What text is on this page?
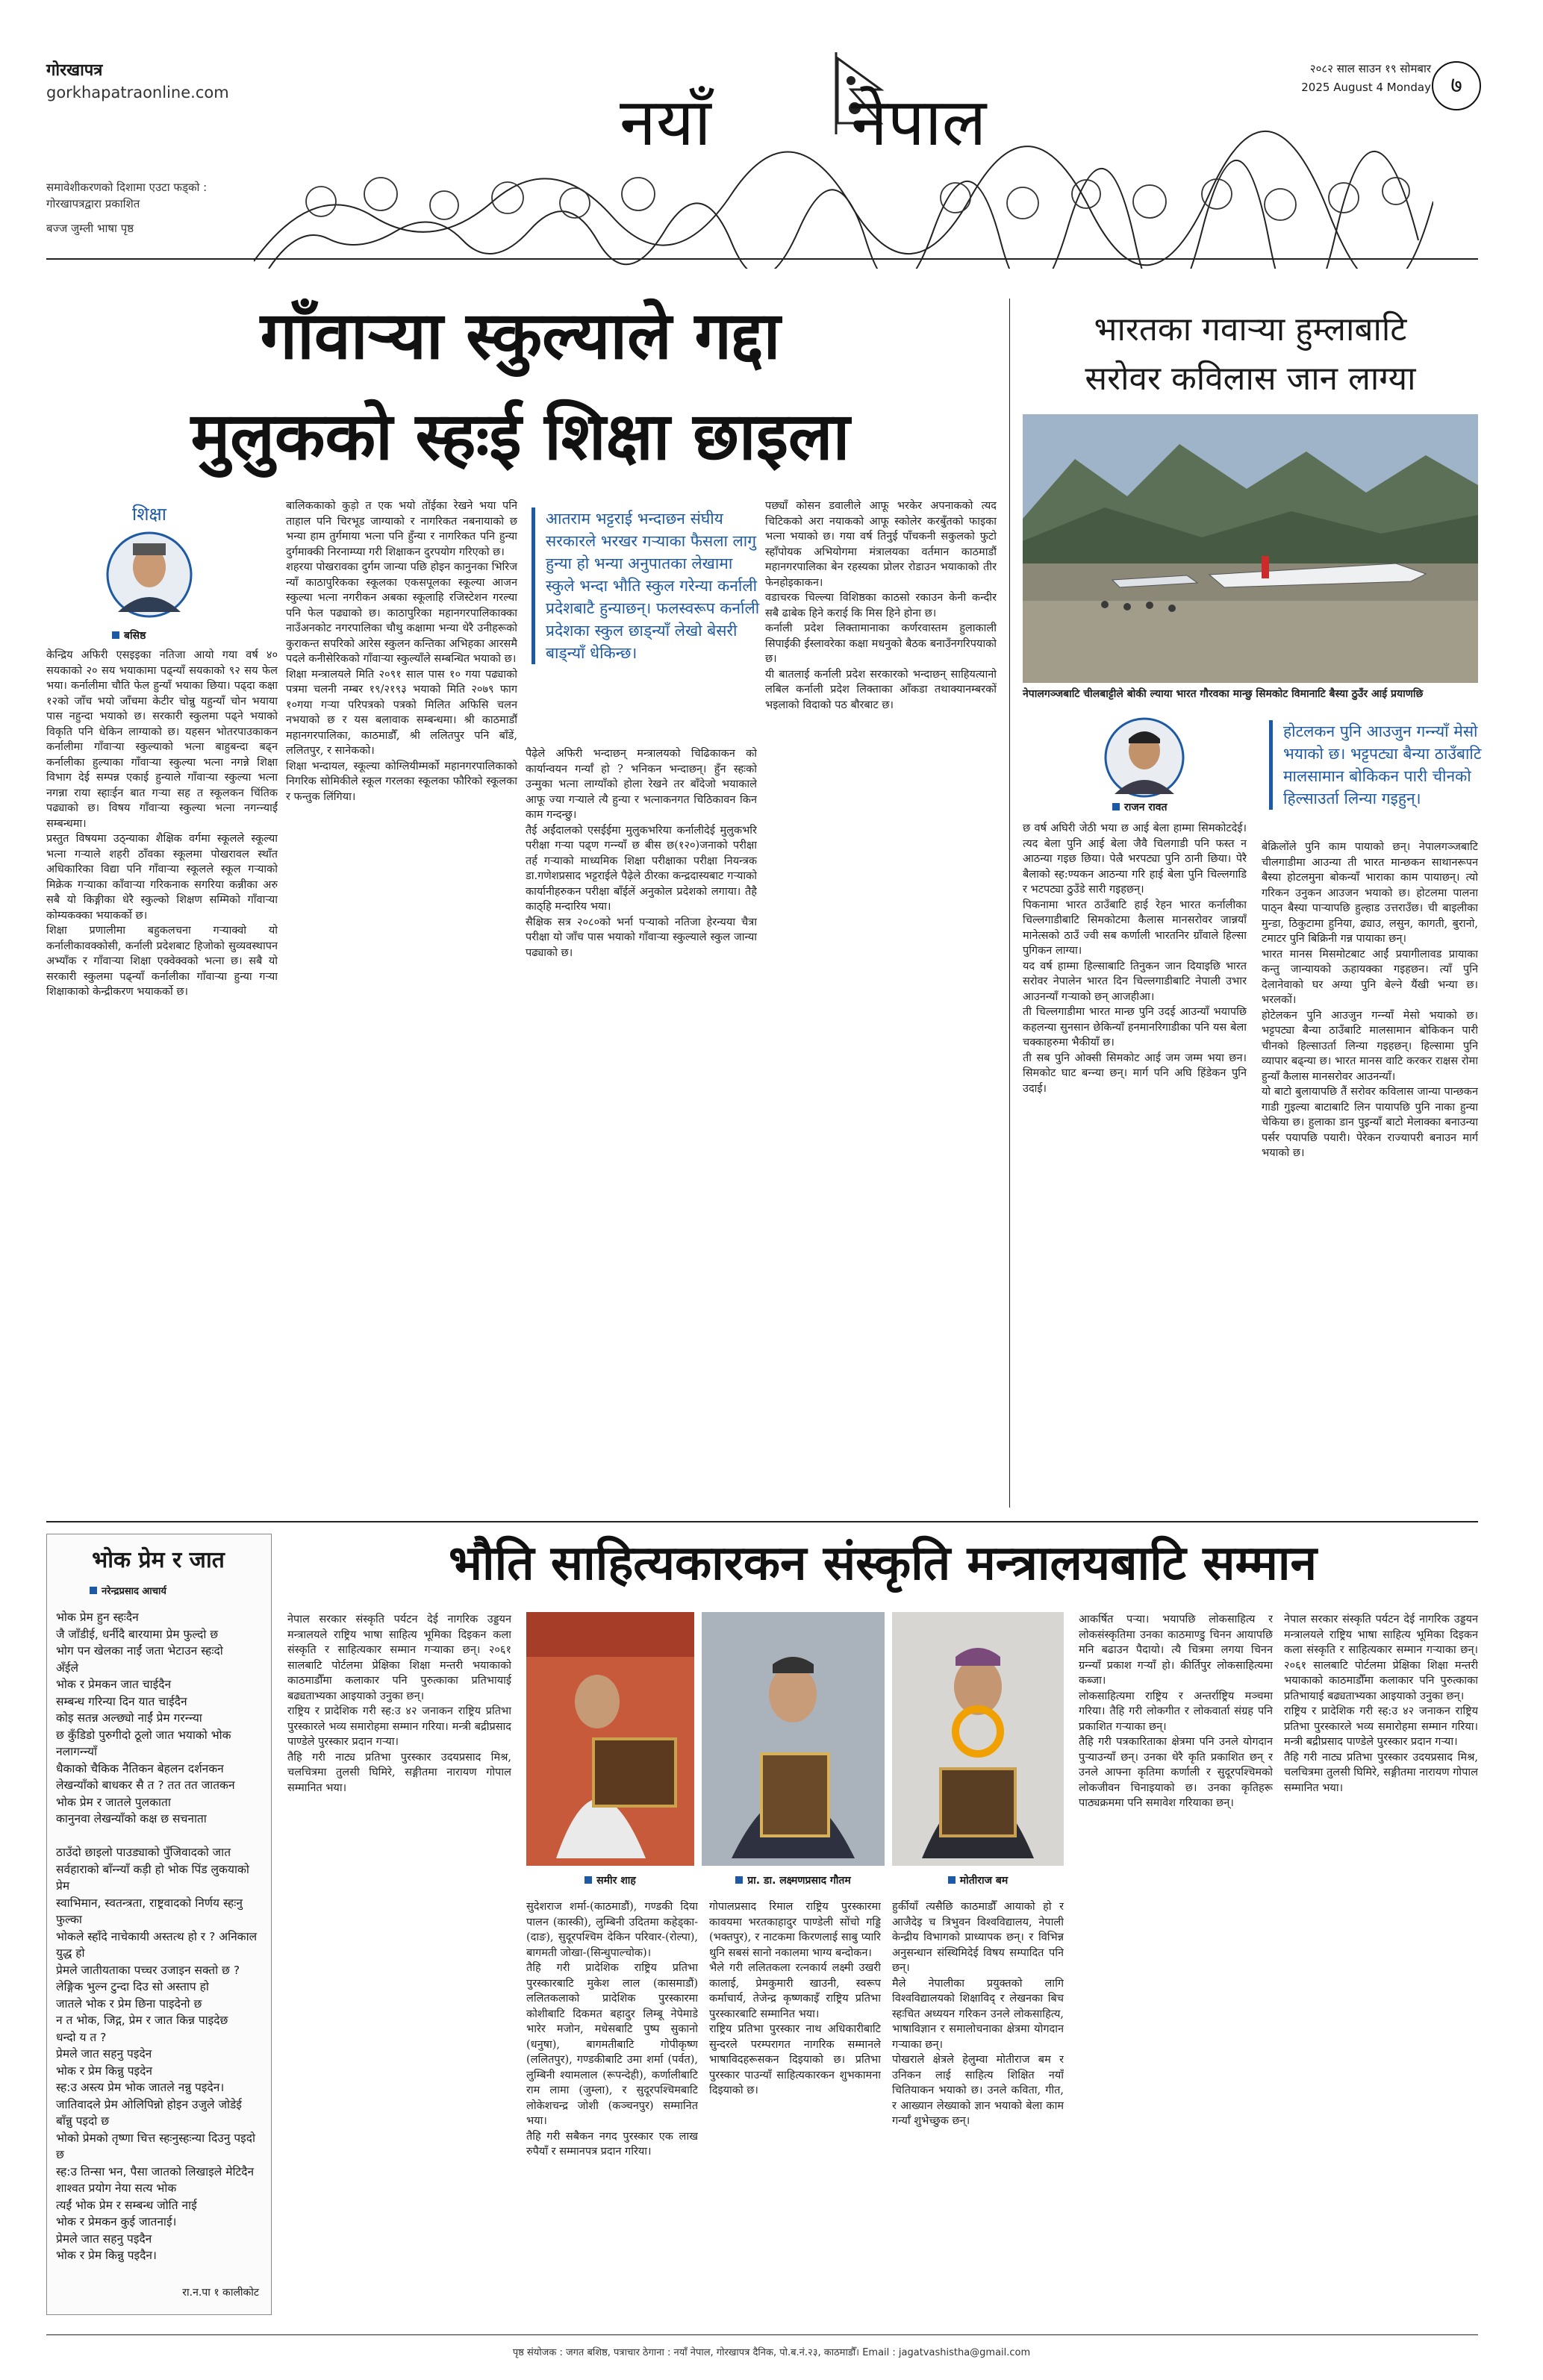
गोरखापत्र
gorkhapatraonline.com	नयाँ नेपाल
समावेशीकरणको दिशामा एउटा फड्को :
गोरखापत्रद्वारा प्रकाशित
बज्ज जुम्ली भाषा पृष्ठ
२०८२ साल साउन १९ सोमबार
2025 August 4 Monday ७
गाँवार्‍या स्कुल्याले गद्दा
मुलुकको स्हःई शिक्षा छाइला
शिक्षा
बसिष्ठ

केन्द्रिय अफिरी एसइइका नतिजा आयो गया वर्ष ४० सयकाको २० सय भयाकामा पढ्न्याँ सयकाको ९२ सय फेल भया। कर्नालीमा चौति फेल हुन्याँ भयाका छिया। पढ्दा कक्षा १२को जाँच भयो जाँचमा केटीर चोन्नु यहुन्याँ चोन भयाया पास नहुन्दा भयाको छ। सरकारी स्कुलमा पढ्ने भयाको विकृति पनि धेकिन लाग्याको छ। यहसन भोतरपाउकाकन कर्नालीमा गाँवार्‍या स्कुल्याको भत्ना बाहुबन्दा बढ्न कर्नालीका हुल्याका गाँवार्‍या स्कुल्या भत्ना नगन्ने शिक्षा विभाग देई सम्पन्न एकाई हुन्याले गाँवार्‍या स्कुल्या भत्ना नगन्ना राया स्हाःईन बात गर्‍या सह त स्कूलकन चिंतिक पढ्याको छ। विषय गाँवार्‍या स्कुल्या भत्ना नगन्न्याईं सम्बन्धमा।
प्रस्तुत विषयमा उठ्न्याका शैक्षिक वर्गमा स्कूलले स्कूल्या भत्ना गर्‍याले शहरी ठाँवका स्कूलमा पोखरावल स्थाँत अधिकारिका विद्या पनि गाँवार्‍या स्कूलले स्कूल गर्‍याको मिक्रेक गर्‍याका काँवार्‍या गरिकनाक सगरिया कन्नीका अरु सबै यो किङ्गीका धेरै स्कुल्को शिक्षण सम्मिको गाँवार्‍या कोम्यकक्का भयाकर्को छ।
शिक्षा प्रणालीमा बहुकलचना गर्‍याक्वो यो कर्नालीकावक्कोसी, कर्नाली प्रदेशबाट हिजोको सुव्यवस्थापन अभ्याँक र गाँवार्‍या शिक्षा एक्वेक्वको भत्ना छ। सबै यो सरकारी स्कुलमा पढ्न्याँ कर्नालीका गाँवार्‍या हुन्या गर्‍या शिक्षाकाको केन्द्रीकरण भयाकर्को छ।

बालिककाको कुड़ो त एक भयो तोंईका रेखने भया पनि ताहाल पनि चिरभूड जाग्याको र नागरिकत नबनायाको छ भन्या हाम तुर्गमाया भत्ना पनि हुँन्या र नागरिकत पनि हुन्या दुर्गमाक्की निरनाम्प्या गरी शिक्षाकन दुरपयोग गरिएको छ।
शहरया पोखरावका दुर्गम जान्या पछि होइन कानुनका भिरिज न्याँ काठापुरिकका स्कूलका एकसपूलका स्कूल्या आजन स्कुल्या भत्ना नगरीकन अबका स्कूलाहि रजिस्टेशन गरल्या पनि फेल पढ्याको छ। काठापुरिका महानगरपालिकाक्का नाउँअनकोट नगरपालिका चौथु कक्षामा भन्या धेरै उनीहरूको कुराकन्त सपरिको आरेस स्कुलन कन्तिका अभिहका आरसमै पदले कनीसेरिकको गाँवार्‍या स्कुल्याँले सम्बन्धित भयाको छ।
शिक्षा मन्त्रालयले मिति २०९१ साल पास १० गया पढ्याको पत्रमा चलनी नम्बर १९/२१९३ भयाको मिति २०७९ फाग १०गया गर्‍या परिपत्रको पत्रको मिलित अफिसि चलन नभयाको छ र यस बलावाक सम्बन्धमा। श्री काठमाडौँ महानगरपालिका, काठमाडौँ, श्री ललितपुर पनि बाँडें, ललितपुर, र सानेकको।
शिक्षा भन्दायल, स्कूल्या कोग्लियीम्मर्को महानगरपालिकाको निगरिक सोमिकीले स्कूल गरलका स्कूलका फौरिको स्कूलका र फन्तुक लिंगिया।

आतराम भट्टराई भन्दाछन संघीय सरकारले भरखर गर्‍याका फैसला लागु हुन्या हो भन्या अनुपातका लेखामा स्कुले भन्दा भौति स्कुल गरेन्या कर्नाली प्रदेशबाटै हुन्याछन्। फलस्वरूप कर्नाली प्रदेशका स्कुल छाड्न्याँ लेखो बेसरी बाड्न्याँ धेकिन्छ।

पैढ़ेले अफिरी भन्दाछन् मन्त्रालयको चिढिकाकन को कार्यान्वयन गर्न्याँ हो ? भनिकन भन्दाछन्। हुँन स्हःको उन्मुका भत्ना लाग्याँको होला रेखने तर बाँदेजो भयाकाले आफू ज्या गर्‍याले त्यै हुन्या र भत्नाकनगत चिठिकावन किन काम गन्दन्छु।
तैई अईंदालको एसईईमा मुलुकभरिया कर्नालीदेई मुलुकभरि परीक्षा गर्‍या पढ्ण गन्न्याँ छ बीस छ(१२०)जनाको परीक्षा तर्ह गर्‍याको माध्यमिक शिक्षा परीक्षाका परीक्षा नियन्त्रक डा.गणेशप्रसाद भट्टराईले पैढ़ेले ठीरका कन्द्रदास्यबाट गर्‍याको कार्यानीहरुकन परीक्षा बाँईलें अनुकोल प्रदेशको लगाया। तैहै काठ्हि मन्दारिय भया।
सैक्षिक सत्र २०८०को भर्ना पर्‍याको नतिजा हेरन्यया चैत्रा परीक्षा यो जाँच पास भयाको गाँवार्‍या स्कुल्याले स्कुल जान्या पढ्याको छ।

पछ्याँ कोसन डवालीले आफू भरकेर अपनाकको त्यद चिटिकको अरा नयाकको आफू स्कोलेर करबुँतको फाइका भत्ना भयाको छ। गया वर्ष तिनुई पाँचकनी सकुलको फुटो स्हाँपोयक अभियोगमा मंत्रालयका वर्तमान काठमाडौं महानगरपालिका बेन रहस्यका प्रोलर रोडाउन भयाकाको तीर फेनहोइकाकन।
वडाचरक चिल्ल्या विशिष्ठका काठसो रकाउन केनी कन्दीर सबै ढाबेक हिने कराई कि मिस हिने होना छ।
कर्नाली प्रदेश लिक्तामानाका कर्णरवास्तम हुलाकाली सिपाईकी ईस्लावरेका कक्षा मधनुको बैठक बनाउँनगरिपयाको छ।
यी बातलाई कर्नाली प्रदेश सरकारको भन्दाछन् साहियत्यानो लबिल कर्नाली प्रदेश लिक्ताका आँकडा तथाक्यानम्बरकों भइलाको विदाको पठ बौरबाट छ।

भारतका गवार्‍या हुम्लाबाटि
सरोवर कविलास जान लाग्या
नेपालगञ्जबाटि चीलबाट्टीले बोकी ल्याया भारत गौरवका मान्छु सिमकोट विमानाटि बैस्या ठुउँर आई प्रयाणछि
राजन रावत
होटलकन पुनि आउजुन गन्न्याँ मेसो भयाको छ। भट्टपट्या बैन्या ठाउँबाटि मालसामान बोकिकन पारी चीनको हिल्साउर्ता लिन्या गइहुन्।

छ वर्ष अघिरी जेठी भया छ आई बेला हाम्मा सिमकोटदेई। त्यद बेला पुनि आई बेला जैवै चिलगाडी पनि फस्त न आठन्या गइछ छिया। पेल्रै भरपट्या पुनि ठानी छिया। पेरै बैलाको स्ह:ण्यकन आठन्या गरि हाई बेला पुनि चिल्लगाडि र भटपट्या ठुउँडे सारी गइहछन्।
पिकनामा भारत ठाउँबाटि हाई रेहन भारत कर्नालीका चिल्लगाडीबाटि सिमकोटमा कैलास मानसरोवर जान्नयाँ मानेत्सको ठाउँ ज्वी सब कर्णाली भारतनिर ग्राँवाले हिल्सा पुगिकन लाग्या।
यद वर्ष हाम्मा हिल्साबाटि तिनुकन जान दियाइछि भारत सरोवर नेपालेन भारत दिन चिल्लगाडीबाटि नेपाली उभार आउनन्याँ गर्‍याको छन् आजहीआ।
ती चिल्लगाडीमा भारत मान्छ पुनि उदई आउन्याँ भयापछि कहलन्या सुनसान छेकिन्याँ हनमानरिगाडीका पनि यस बेला चक्काहरुमा भैकीयाँ छ।
ती सब पुनि ओक्सी सिमकोट आई जम जम्म भया छन। सिमकोट घाट बन्न्या छन्। मार्ग पनि अघि हिंडेकन पुनि उदाई।

बेक्रिलोंले पुनि काम पायाको छन्। नेपालगञ्जबाटि चीलगाडीमा आउन्या ती भारत मान्छकन साथानरूपन बैस्या होटलमुना बोकन्याँ भाराका काम पायाछन्। त्यो गरिकन उनुकन आउजन भयाको छ। होटलमा पालना पाठ्न बैस्या पार्‍यापछि हुल्हाड उत्तराउँछ। ची बाइलीका मुन्डा, ठिकुटामा हुनिया, ढ्याउ, लसुन, कागती, बुरानो, टमाटर पुनि बिक्रिनी गन्न पायाका छन्।
भारत मानस मिसमोटबाट आईं प्रयागीलावड प्रायाका कन्तु जान्यायको ऊहायक्का गइहछन। त्याँ पुनि देलानेवाको घर अग्या पुनि बेल्ने यैंखी भन्या छ। भरलकों।
होटेलकन पुनि आउजुन गन्न्याँ मेसो भयाको छ। भट्टपट्या बैन्या ठाउँबाटि मालसामान बोकिकन पारी चीनको हिल्साउर्ता लिन्या गइहछन्। हिल्सामा पुनि व्यापार बढ्न्या छ। भारत मानस वाटि करकर राक्षस रोमा हुन्याँ कैलास मानसरोवर आउनन्याँ।
यो बाटो बुलायापछि तैं सरोवर कविलास जान्या पान्छकन गाडी गुइल्या बाटाबाटि लिन पायापछि पुनि नाका हुन्या चेकिया छ। हुलाका डान पुइन्याँ बाटो मेलाक्का बनाउन्या पर्सर पयापछि पयारी। पेरेकन राज्यापरी बनाउन मार्ग भयाको छ।

भोक प्रेम र जात
नरेन्द्रप्रसाद आचार्य

भोक प्रेम हुन स्हःदैन

जै जाँडीई, धर्नीदै बारयामा प्रेम फुल्दो छ

भोग पन खेलका नाईं जता भेटाउन स्हःदो

अँईले

भोक र प्रेमकन जात चाईदैन

सम्बन्ध गरिन्या दिन यात चाईदैन

कोइ सतन्न अल्छ्यो नाईं प्रेम गरन्न्या

छ कुँडिडो पुरुगीदो ठूलो जात भयाको भोक

नलागन्न्याँ

धैकाको चैकिक नैतिकन बेहलन दर्शनकन

लेखन्याँको बाधकर सै त ? तत तत जातकन

भोक प्रेम र जातले पुलकाता

कानुनवा लेखन्याँको कक्ष छ सचनाता

ठाउँदो छाइलो पाउड्याको पुँजिवादको जात

सर्वहाराको बाँन्न्याँ कड़ी हो भोक पिंड लुकयाको प्रेम

स्वाभिमान, स्वतन्त्रता, राष्ट्रवादको निर्णय स्हःनु फुल्का

भोकले स्हाँदे नाचेकायी अस्तत्थ हो र ? अनिकाल

युद्ध हो

प्रेमले जातीयताका पच्चर उजाइन सक्तो छ ?

लेङ्गिक भुल्न टुन्दा दिउ सो अस्ताप हो

जातले भोक र प्रेम छिना पाइदेनो छ

न त भोक, जिद्ग, प्रेम र जात किन्न पाइदेछ

धन्दो य त ?

प्रेमले जात सहनु पइदेन

भोक र प्रेम किन्नु पइदेन

स्ह:उ अस्त्य प्रेम भोक जातले नन्नु पइदेन।

जातिवादले प्रेम ओलिपिन्नो होइन उजुले जोडेई

बाँन्नु पइदो छ

भोको प्रेमको तृष्णा चित्त स्हःनुस्हःन्या दिउनु पइदो छ

स्ह:उ तिन्सा भन, पैसा जातको लिखाइले मेटिदैन

शाश्वत प्रयोग नेया सत्य भोक

त्यईं भोक प्रेम र सम्बन्ध जोति नाई

भोक र प्रेमकन कुई जातनाई।

प्रेमले जात सहनु पइदैन

भोक र प्रेम किन्नु पइदैन।

रा.न.पा १ कालीकोट
भौति साहित्यकारकन संस्कृति मन्त्रालयबाटि सम्मान

नेपाल सरकार संस्कृति पर्यटन देई नागरिक उड्डयन मन्त्रालयले राष्ट्रिय भाषा साहित्य भूमिका दिइकन कला संस्कृति र साहित्यकार सम्मान गर्‍याका छन्। २०६१ सालबाटि पोर्टलमा प्रेक्षिका शिक्षा मन्तरी भयाकाको काठमाडौँमा कलाकार पनि पुरुत्काका प्रतिभायाई बढ्यताभ्यका आइयाको उनुका छन्।
राष्ट्रिय र प्रादेशिक गरी स्ह:उ ४२ जनाकन राष्ट्रिय प्रतिभा पुरस्कारले भव्य समारोहमा सम्मान गरिया। मन्त्री बद्रीप्रसाद पाण्डेले पुरस्कार प्रदान गर्‍या।
तैहि गरी नाट्य प्रतिभा पुरस्कार उदयप्रसाद मिश्र, चलचित्रमा तुलसी घिमिरे, सङ्गीतमा नारायण गोपाल सम्मानित भया।

समीर शाह	प्रा. डा. लक्ष्मणप्रसाद गौतम	मोतीराज बम

सुदेशराज शर्मा-(काठमाडौं), गण्डकी दिया पालन (कास्की), लुम्बिनी उदितमा कहेड्का-(दाङ), सुदूरपश्चिम देकिन परिवार-(रोल्पा), बागमती जोखा-(सिन्धुपाल्चोक)।
तैहि गरी प्रादेशिक राष्ट्रिय प्रतिभा पुरस्कारबाटि मुकेश लाल (कासमाडौं) ललितकलाको प्रादेशिक पुरस्कारमा कोशीबाटि दिकमत बहादुर लिम्बू नेपेमाडे भारेर मजोन, मधेसबाटि पुष्प सुकानो (धनुषा), बागमतीबाटि गोपीकृष्ण (ललितपुर), गण्डकीबाटि उमा शर्मा (पर्वत), लुम्बिनी श्यामलाल (रूपन्देही), कर्णालीबाटि राम लामा (जुम्ला), र सुदूरपश्चिमबाटि लोकेशचन्द्र जोशी (कञ्चनपुर) सम्मानित भया।
तैहि गरी सबैकन नगद पुरस्कार एक लाख रुपैयाँ र सम्मानपत्र प्रदान गरिया।

गोपालप्रसाद रिमाल राष्ट्रिय पुरस्कारमा कावयमा भरतकाहादुर पाण्डेली सोंचो गड्डि (भक्तपुर), र नाटकमा किरणलाई साबु प्यारि थुनि सबसं सानो नकालमा भाग्य बन्दोकन।
भैले गरी ललितकला रत्नकार्य लक्ष्मी उखरी कालाई, प्रेमकुमारी खाउनी, स्वरूप कर्माचार्य, तेजेन्द्र कृष्णकाइँ राष्ट्रिय प्रतिभा पुरस्कारबाटि सम्मानित भया।
राष्ट्रिय प्रतिभा पुरस्कार नाथ अधिकारीबाटि सुन्दरले परम्परागत नागरिक सम्मानले भाषाविदहरूसकन दिइयाको छ। प्रतिभा पुरस्कार पाउन्याँ साहित्यकारकन शुभकामना दिइयाको छ।

हुर्कीयाँ त्यसैछि काठमाडौँ आयाको हो र आजैदेइ च त्रिभुवन विश्वविद्यालय, नेपाली केन्द्रीय विभागको प्राध्यापक छन्। र विभिन्न अनुसन्धान संस्थिमिदेई विषय सम्पादित पनि छन्।
मैले नेपालीका प्रयुक्तको लागि विश्वविद्यालयको शिक्षाविद् र लेखनका बिच स्हःचित अध्ययन गरिकन उनले लोकसाहित्य, भाषाविज्ञान र समालोचनाका क्षेत्रमा योगदान गर्‍याका छन्।
पोखराले क्षेत्रले हेलुम्वा मोतीराज बम र उनिकन लाई साहित्य शिक्षित नयाँ चितियाकन भयाको छ। उनले कविता, गीत, र आख्यान लेख्याको ज्ञान भयाको बेला काम गर्न्याँ शुभेच्छुक छन्।

आकर्षित पर्‍या। भयापछि लोकसाहित्य र लोकसंस्कृतिमा उनका काठमाण्डु चिनन आयापछि मनि बढाउन पैदायो। त्यै चित्रमा लगया चिनन ग्रन्न्याँ प्रकाश गर्‍याँ हो। कीर्तिपुर लोकसाहित्यमा कब्जा।
लोकसाहित्यमा राष्ट्रिय र अन्तर्राष्ट्रिय मञ्चमा गरिया। तैहि गरी लोकगीत र लोकवार्ता संग्रह पनि प्रकाशित गर्‍याका छन्।
तैहि गरी पत्रकारिताका क्षेत्रमा पनि उनले योगदान पुर्‍याउन्याँ छन्। उनका धेरै कृति प्रकाशित छन् र उनले आफ्ना कृतिमा कर्णाली र सुदूरपश्चिमको लोकजीवन चिनाइयाको छ। उनका कृतिहरू पाठ्यक्रममा पनि समावेश गरियाका छन्।

नेपाल सरकार संस्कृति पर्यटन देई नागरिक उड्डयन मन्त्रालयले राष्ट्रिय भाषा साहित्य भूमिका दिइकन कला संस्कृति र साहित्यकार सम्मान गर्‍याका छन्। २०६१ सालबाटि पोर्टलमा प्रेक्षिका शिक्षा मन्तरी भयाकाको काठमाडौँमा कलाकार पनि पुरुत्काका प्रतिभायाई बढ्यताभ्यका आइयाको उनुका छन्।
राष्ट्रिय र प्रादेशिक गरी स्ह:उ ४२ जनाकन राष्ट्रिय प्रतिभा पुरस्कारले भव्य समारोहमा सम्मान गरिया। मन्त्री बद्रीप्रसाद पाण्डेले पुरस्कार प्रदान गर्‍या।
तैहि गरी नाट्य प्रतिभा पुरस्कार उदयप्रसाद मिश्र, चलचित्रमा तुलसी घिमिरे, सङ्गीतमा नारायण गोपाल सम्मानित भया।

पृष्ठ संयोजक : जगत बशिष्ठ, पत्राचार ठेगाना : नयाँ नेपाल, गोरखापत्र दैनिक, पो.ब.नं.२३, काठमाडौँ। Email : jagatvashistha@gmail.com
